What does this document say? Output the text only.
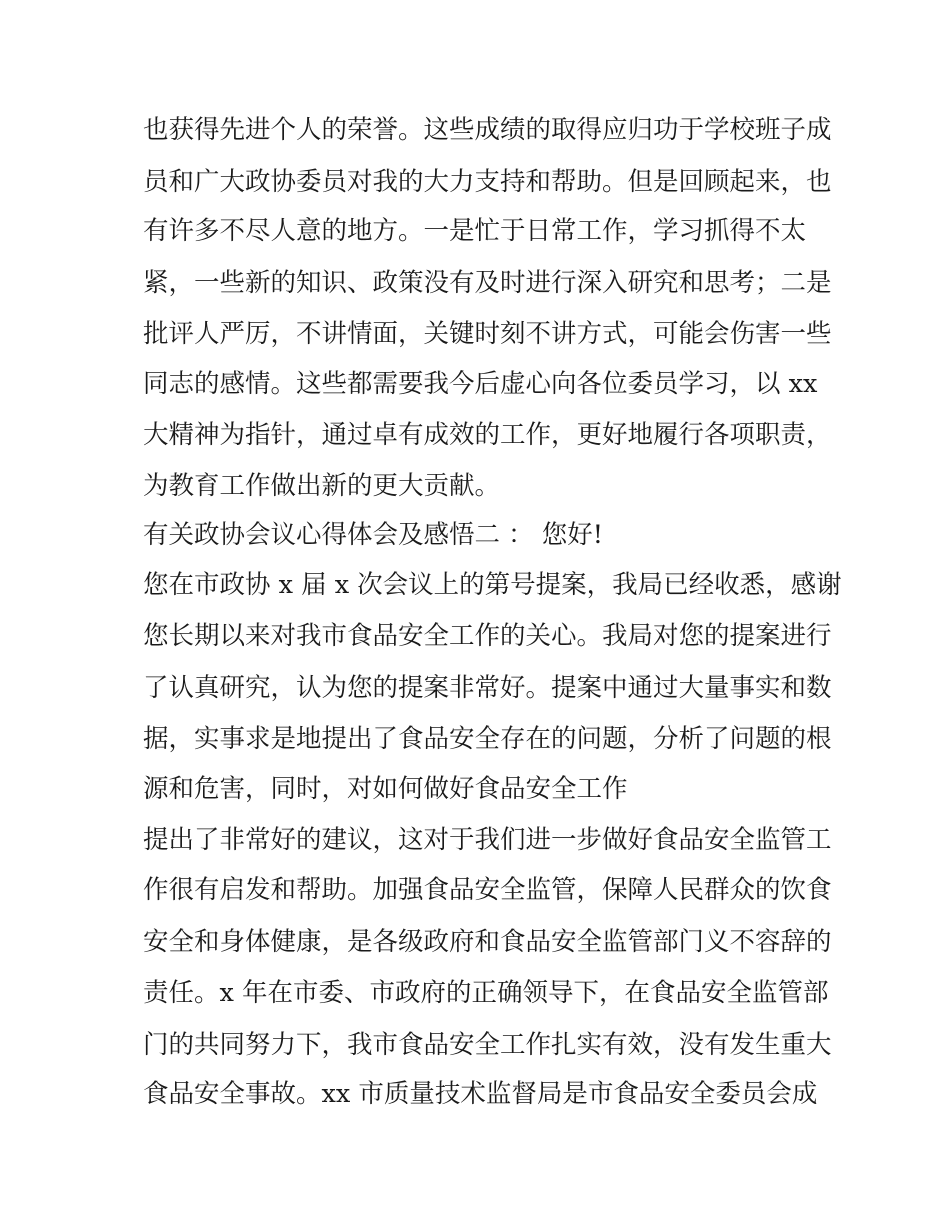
也获得先进个人的荣誉。这些成绩的取得应归功于学校班子成
员和广大政协委员对我的大力支持和帮助。但是回顾起来，也
有许多不尽人意的地方。一是忙于日常工作，学习抓得不太
紧，一些新的知识、政策没有及时进行深入研究和思考；二是
批评人严厉，不讲情面，关键时刻不讲方式，可能会伤害一些
同志的感情。这些都需要我今后虚心向各位委员学习，以 xx
大精神为指针，通过卓有成效的工作，更好地履行各项职责，
为教育工作做出新的更大贡献。
有关政协会议心得体会及感悟二 ： 您好!
您在市政协 x 届 x 次会议上的第号提案，我局已经收悉，感谢
您长期以来对我市食品安全工作的关心。我局对您的提案进行
了认真研究，认为您的提案非常好。提案中通过大量事实和数
据，实事求是地提出了食品安全存在的问题，分析了问题的根
源和危害，同时，对如何做好食品安全工作
提出了非常好的建议，这对于我们进一步做好食品安全监管工
作很有启发和帮助。加强食品安全监管，保障人民群众的饮食
安全和身体健康，是各级政府和食品安全监管部门义不容辞的
责任。x 年在市委、市政府的正确领导下，在食品安全监管部
门的共同努力下，我市食品安全工作扎实有效，没有发生重大
食品安全事故。xx 市质量技术监督局是市食品安全委员会成
